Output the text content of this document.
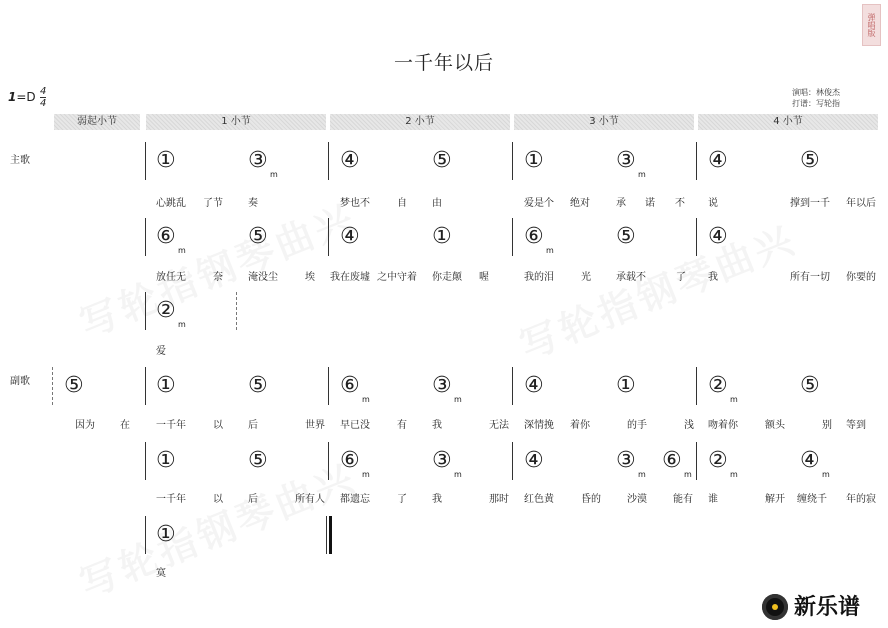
弹唱版
一千年以后
1=D 4
4
演唱：林俊杰
打谱：写轮指
弱起小节	1 小节	2 小节	3 小节	4 小节
主歌
副歌
①	③
m
④	⑤	①	③
m
④	⑤
心跳乱 了节	奏	梦也不	自	由	爱是个 绝对	承 诺 不 说	撑到一千 年以后
⑥
m
⑤	④	①	⑥
m
⑤	④
放任无	奈	淹没尘	埃 我在废墟 之中守着 你走颠 喔	我的泪	光	承载不	了 我	所有一切 你要的
②
m
爱
⑤	①	⑤	⑥
m
③
m
④	①	②
m
⑤
因为	在	一千年	以	后	世界 早已没	有	我	无法 深情挽 着你	的手	浅 吻着你	额头	别 等到
①	⑤	⑥
m
③
m
④	③
m
⑥
m
②
m
④
m
一千年	以	后	所有人 都遗忘	了	我	那时 红色黄	昏的	沙漠	能有 谁	解开 缠绕千 年的寂
①
寞
新乐谱
